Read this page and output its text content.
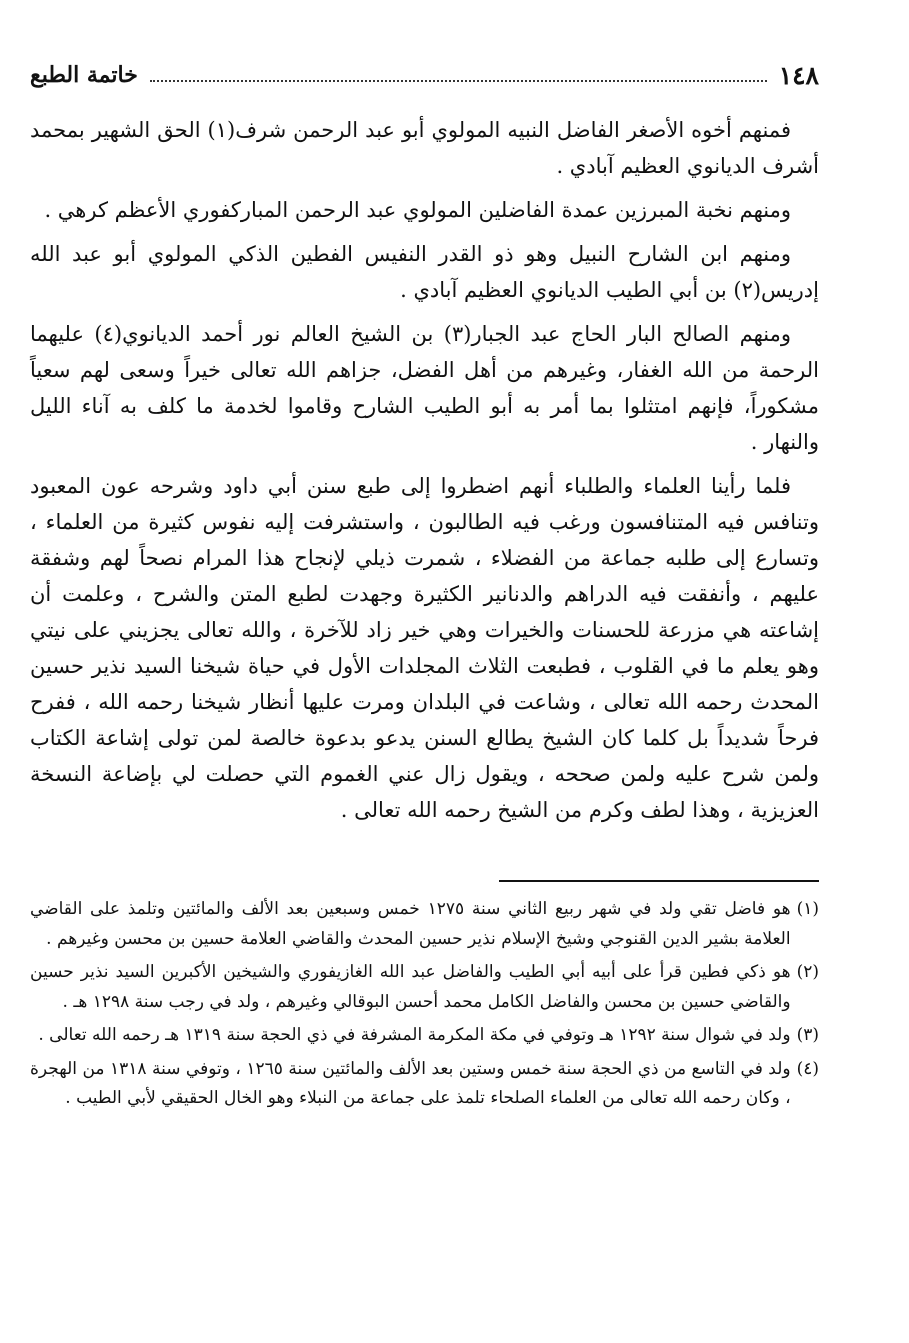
١٤٨
خاتمة الطبع

فمنهم أخوه الأصغر الفاضل النبيه المولوي أبو عبد الرحمن شرف(١) الحق الشهير بمحمد أشرف الديانوي العظيم آبادي .

ومنهم نخبة المبرزين عمدة الفاضلين المولوي عبد الرحمن المباركفوري الأعظم كرهي .

ومنهم ابن الشارح النبيل وهو ذو القدر النفيس الفطين الذكي المولوي أبو عبد الله إدريس(٢) بن أبي الطيب الديانوي العظيم آبادي .

ومنهم الصالح البار الحاج عبد الجبار(٣) بن الشيخ العالم نور أحمد الديانوي(٤) عليهما الرحمة من الله الغفار، وغيرهم من أهل الفضل، جزاهم الله تعالى خيراً وسعى لهم سعياً مشكوراً، فإنهم امتثلوا بما أمر به أبو الطيب الشارح وقاموا لخدمة ما كلف به آناء الليل والنهار .

فلما رأينا العلماء والطلباء أنهم اضطروا إلى طبع سنن أبي داود وشرحه عون المعبود وتنافس فيه المتنافسون ورغب فيه الطالبون ، واستشرفت إليه نفوس كثيرة من العلماء ، وتسارع إلى طلبه جماعة من الفضلاء ، شمرت ذيلي لإنجاح هذا المرام نصحاً لهم وشفقة عليهم ، وأنفقت فيه الدراهم والدنانير الكثيرة وجهدت لطبع المتن والشرح ، وعلمت أن إشاعته هي مزرعة للحسنات والخيرات وهي خير زاد للآخرة ، والله تعالى يجزيني على نيتي وهو يعلم ما في القلوب ، فطبعت الثلاث المجلدات الأول في حياة شيخنا السيد نذير حسين المحدث رحمه الله تعالى ، وشاعت في البلدان ومرت عليها أنظار شيخنا رحمه الله ، ففرح فرحاً شديداً بل كلما كان الشيخ يطالع السنن يدعو بدعوة خالصة لمن تولى إشاعة الكتاب ولمن شرح عليه ولمن صححه ، ويقول زال عني الغموم التي حصلت لي بإضاعة النسخة العزيزية ، وهذا لطف وكرم من الشيخ رحمه الله تعالى .

(١)
هو فاضل تقي ولد في شهر ربيع الثاني سنة ١٢٧٥ خمس وسبعين بعد الألف والمائتين وتلمذ على القاضي العلامة بشير الدين القنوجي وشيخ الإسلام نذير حسين المحدث والقاضي العلامة حسين بن محسن وغيرهم .
(٢)
هو ذكي فطين قرأ على أبيه أبي الطيب والفاضل عبد الله الغازيفوري والشيخين الأكبرين السيد نذير حسين والقاضي حسين بن محسن والفاضل الكامل محمد أحسن البوقالي وغيرهم ، ولد في رجب سنة ١٢٩٨ هـ .
(٣)
ولد في شوال سنة ١٢٩٢ هـ وتوفي في مكة المكرمة المشرفة في ذي الحجة سنة ١٣١٩ هـ رحمه الله تعالى .
(٤)
ولد في التاسع من ذي الحجة سنة خمس وستين بعد الألف والمائتين سنة ١٢٦٥ ، وتوفي سنة ١٣١٨ من الهجرة ، وكان رحمه الله تعالى من العلماء الصلحاء تلمذ على جماعة من النبلاء وهو الخال الحقيقي لأبي الطيب .
